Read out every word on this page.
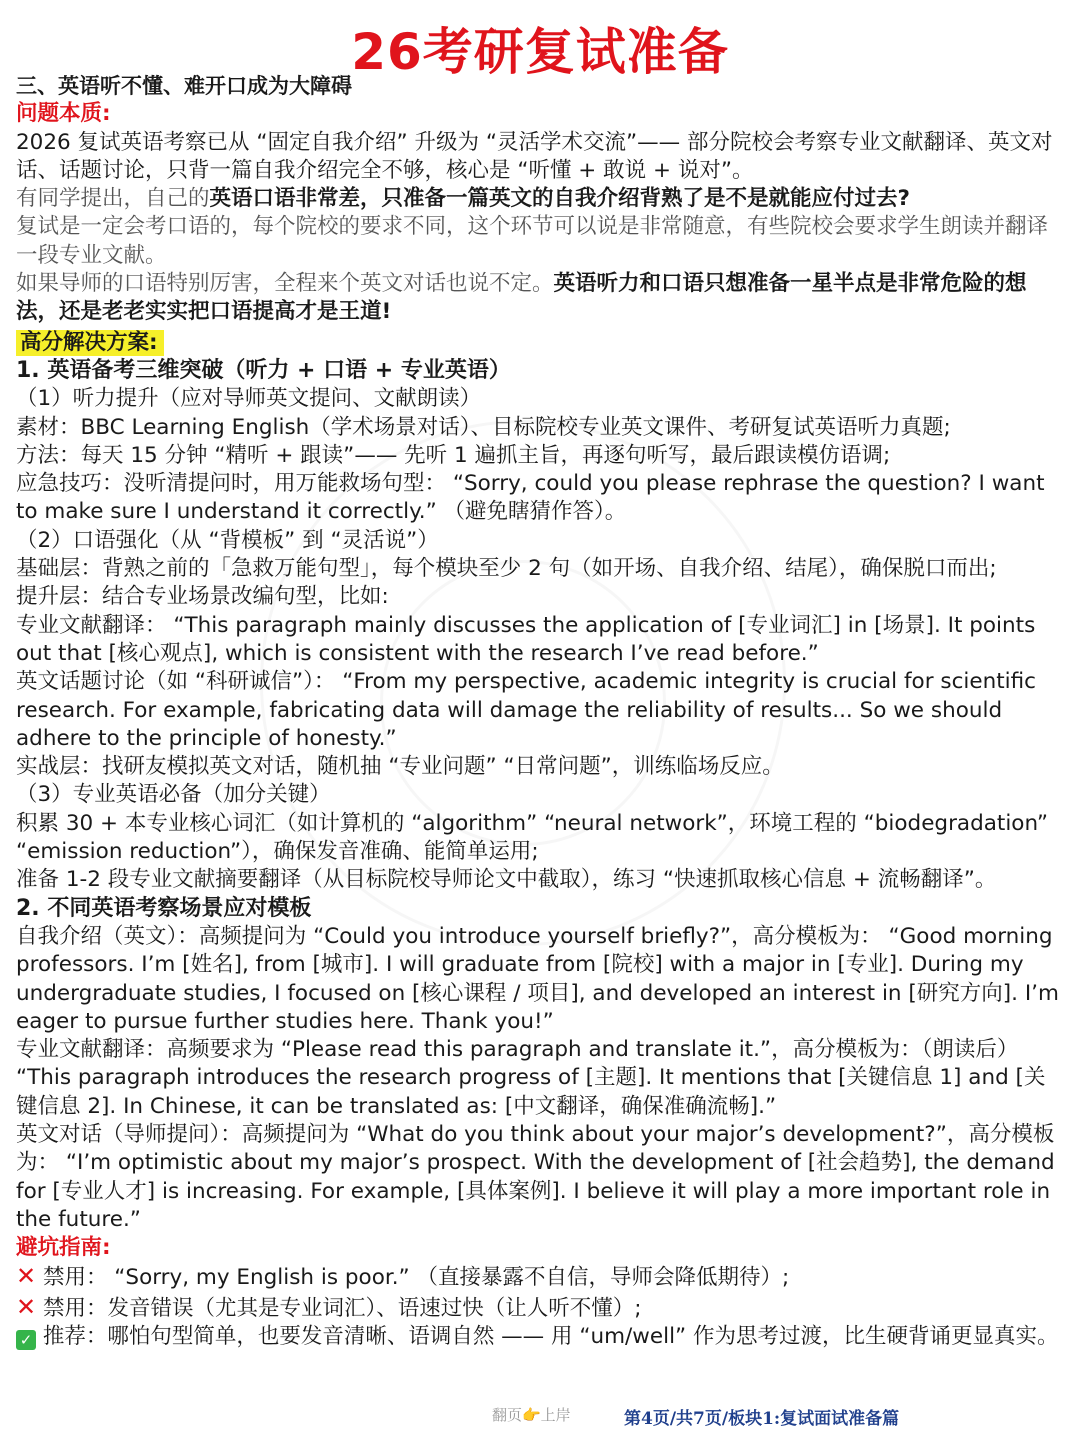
26考研复试准备

三、英语听不懂、难开口成为大障碍

问题本质:

2026 复试英语考察已从 “固定自我介绍” 升级为 “灵活学术交流”—— 部分院校会考察专业文献翻译、英文对话、话题讨论，只背一篇自我介绍完全不够，核心是 “听懂 + 敢说 + 说对”。

有同学提出，自己的英语口语非常差，只准备一篇英文的自我介绍背熟了是不是就能应付过去?

复试是一定会考口语的，每个院校的要求不同，这个环节可以说是非常随意，有些院校会要求学生朗读并翻译一段专业文献。

如果导师的口语特别厉害，全程来个英文对话也说不定。英语听力和口语只想准备一星半点是非常危险的想法，还是老老实实把口语提高才是王道!

高分解决方案:

1. 英语备考三维突破（听力 + 口语 + 专业英语）

（1）听力提升（应对导师英文提问、文献朗读）

素材：BBC Learning English（学术场景对话）、目标院校专业英文课件、考研复试英语听力真题;

方法：每天 15 分钟 “精听 + 跟读”—— 先听 1 遍抓主旨，再逐句听写，最后跟读模仿语调;

应急技巧：没听清提问时，用万能救场句型： “Sorry, could you please rephrase the question? I want to make sure I understand it correctly.” （避免瞎猜作答）。

（2）口语强化（从 “背模板” 到 “灵活说”）

基础层：背熟之前的「急救万能句型」，每个模块至少 2 句（如开场、自我介绍、结尾），确保脱口而出;

提升层：结合专业场景改编句型，比如:

专业文献翻译： “This paragraph mainly discusses the application of [专业词汇] in [场景]. It points out that [核心观点], which is consistent with the research I’ve read before.”

英文话题讨论（如 “科研诚信”）： “From my perspective, academic integrity is crucial for scientific research. For example, fabricating data will damage the reliability of results... So we should adhere to the principle of honesty.”

实战层：找研友模拟英文对话，随机抽 “专业问题” “日常问题”，训练临场反应。

（3）专业英语必备（加分关键）

积累 30 + 本专业核心词汇（如计算机的 “algorithm” “neural network”，环境工程的 “biodegradation” “emission reduction”），确保发音准确、能简单运用;

准备 1-2 段专业文献摘要翻译（从目标院校导师论文中截取），练习 “快速抓取核心信息 + 流畅翻译”。

2. 不同英语考察场景应对模板

自我介绍（英文）：高频提问为 “Could you introduce yourself briefly?”，高分模板为： “Good morning professors. I’m [姓名], from [城市]. I will graduate from [院校] with a major in [专业]. During my undergraduate studies, I focused on [核心课程 / 项目], and developed an interest in [研究方向]. I’m eager to pursue further studies here. Thank you!”

专业文献翻译：高频要求为 “Please read this paragraph and translate it.”，高分模板为：（朗读后） “This paragraph introduces the research progress of [主题]. It mentions that [关键信息 1] and [关键信息 2]. In Chinese, it can be translated as: [中文翻译，确保准确流畅].”

英文对话（导师提问）：高频提问为 “What do you think about your major’s development?”，高分模板为： “I’m optimistic about my major’s prospect. With the development of [社会趋势], the demand for [专业人才] is increasing. For example, [具体案例]. I believe it will play a more important role in the future.”

避坑指南:

✕ 禁用： “Sorry, my English is poor.” （直接暴露不自信，导师会降低期待）;

✕ 禁用：发音错误（尤其是专业词汇）、语速过快（让人听不懂）;

✓ 推荐：哪怕句型简单，也要发音清晰、语调自然 —— 用 “um/well” 作为思考过渡，比生硬背诵更显真实。

翻页👉上岸	第4页/共7页/板块1:复试面试准备篇
